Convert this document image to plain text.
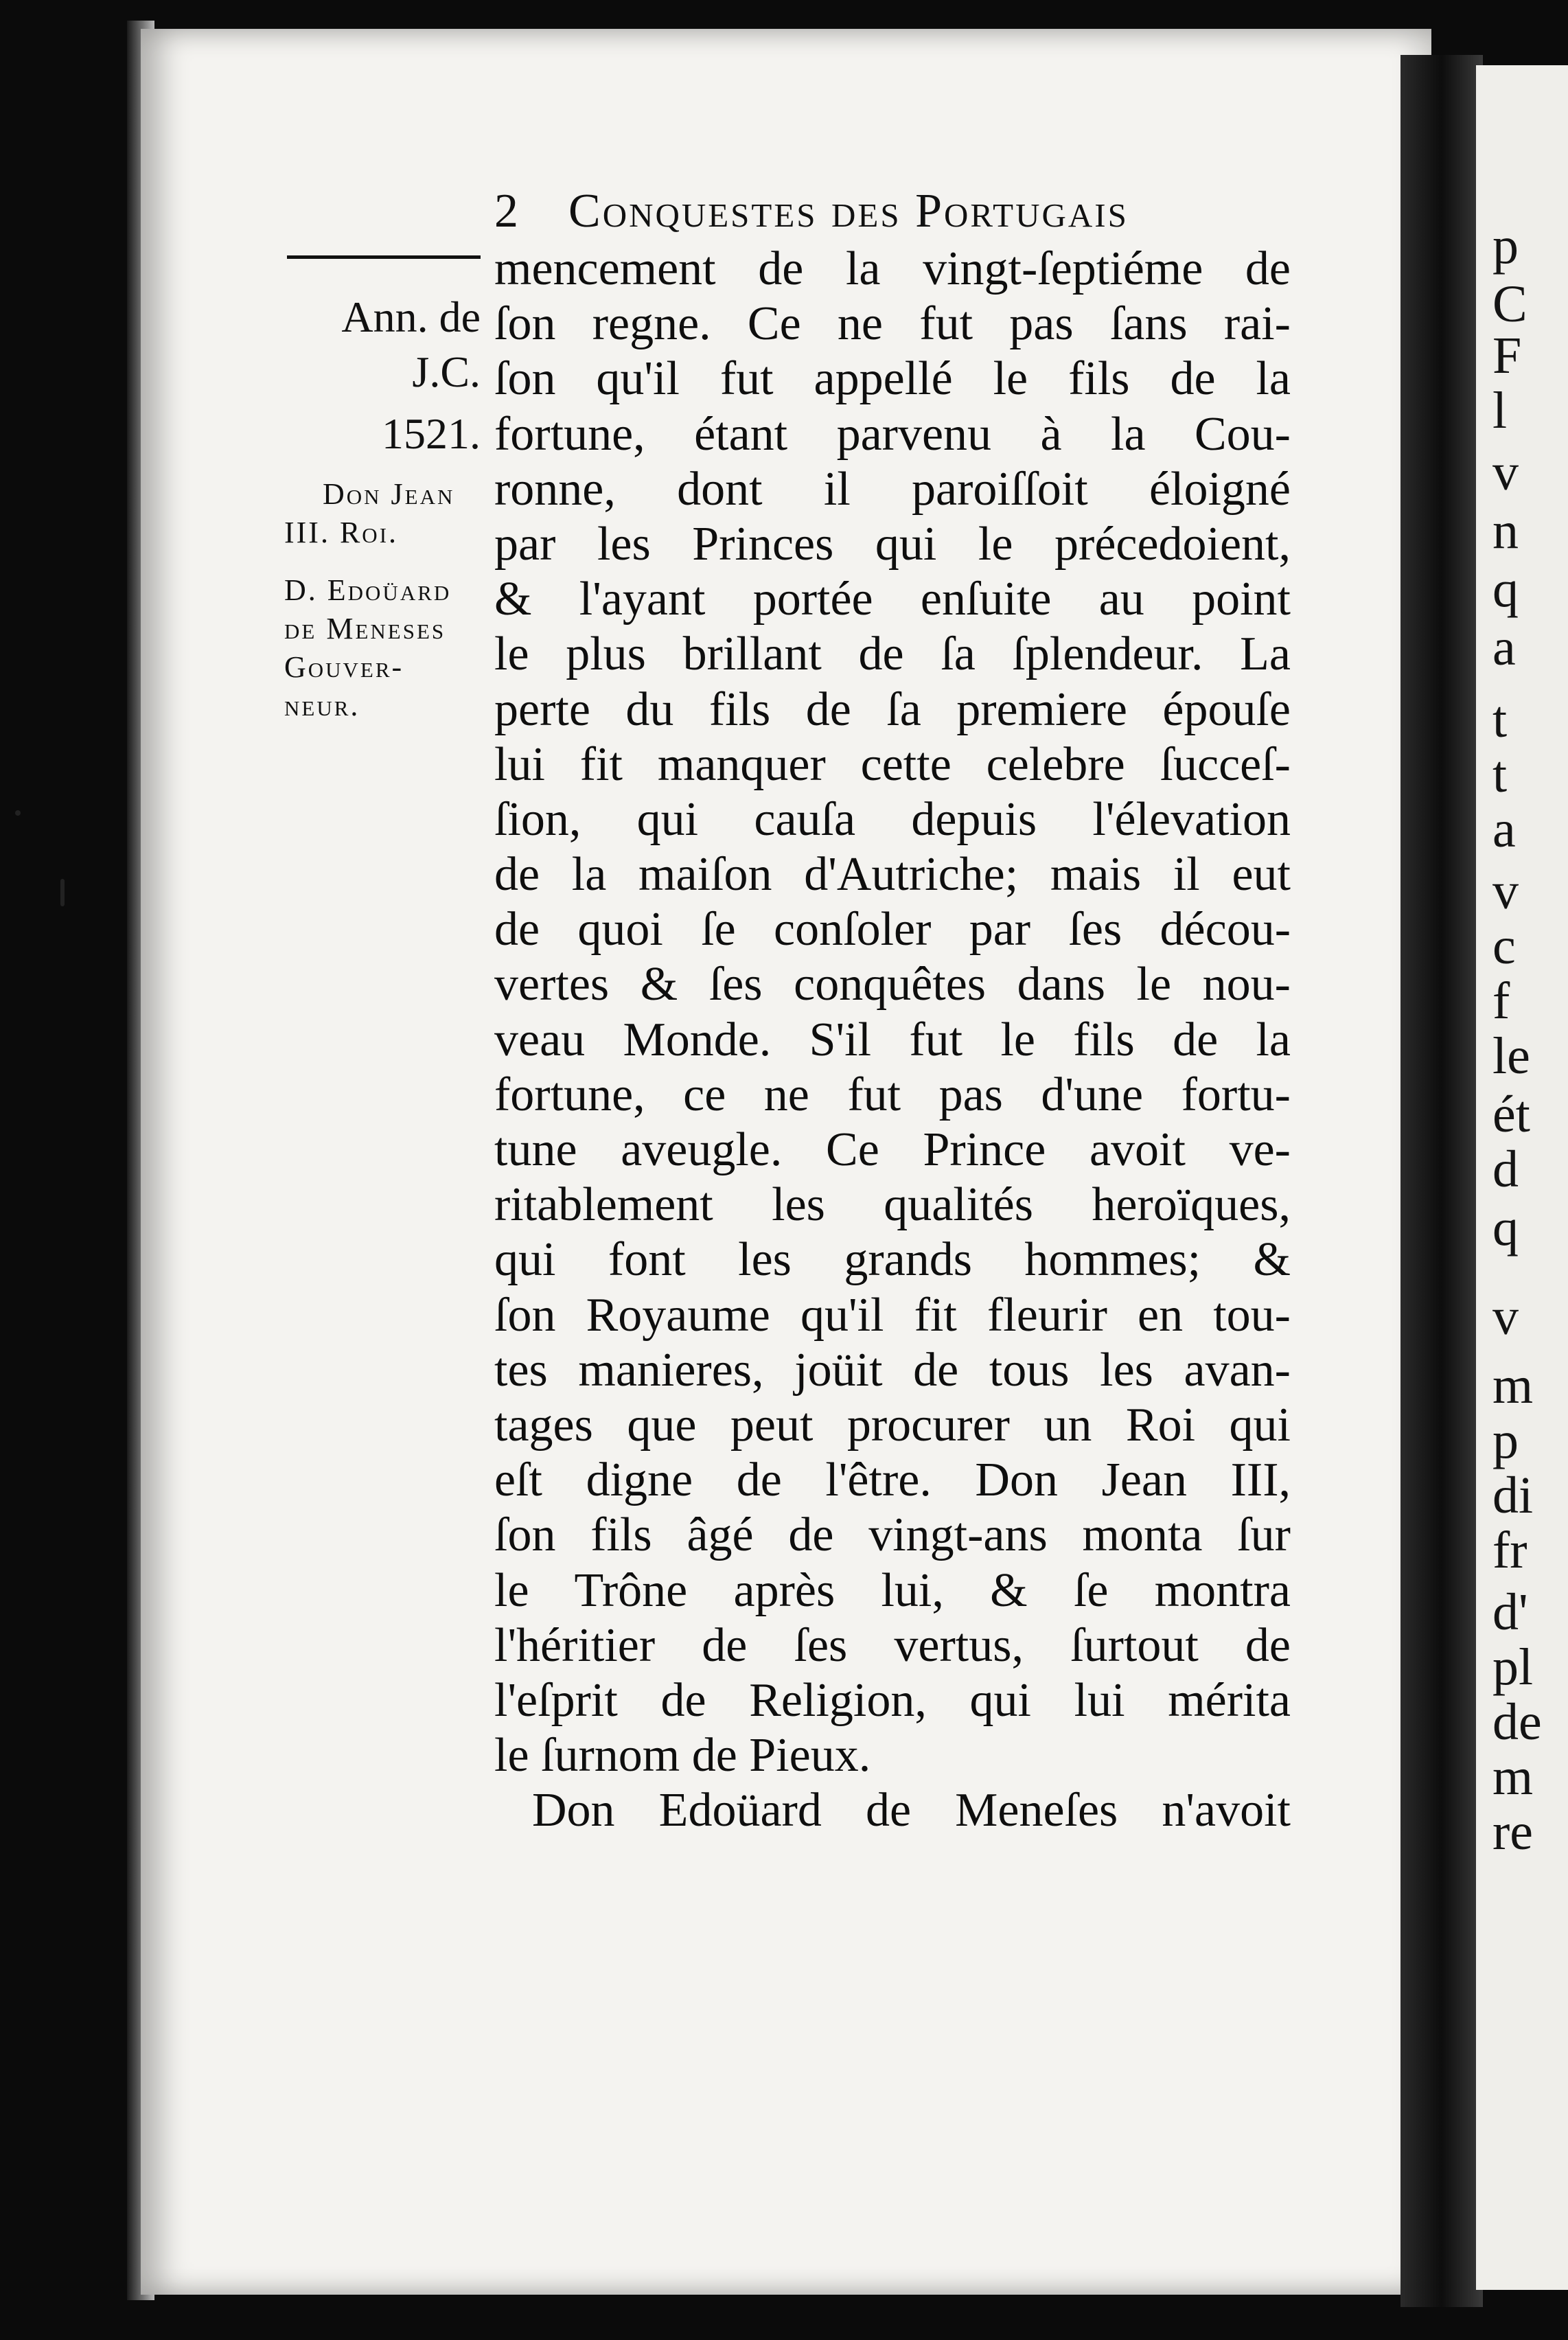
p
C
F
l
v
n
q
a
t
t
a
v
c
f
le
ét
d
q
v
m
p
di
fr
d'
pl
de
m
re
2 Conquestes des Portugais
Ann. de
J.C.
1521.
Don Jean
III. Roi.
D. Edoüard
de Meneses
Gouver-
neur.
mencement de la vingt-ſeptiéme de
ſon regne. Ce ne fut pas ſans rai-
ſon qu'il fut appellé le fils de la
fortune, étant parvenu à la Cou-
ronne, dont il paroiſſoit éloigné
par les Princes qui le précedoient,
& l'ayant portée enſuite au point
le plus brillant de ſa ſplendeur. La
perte du fils de ſa premiere épouſe
lui fit manquer cette celebre ſucceſ-
ſion, qui cauſa depuis l'élevation
de la maiſon d'Autriche; mais il eut
de quoi ſe conſoler par ſes décou-
vertes & ſes conquêtes dans le nou-
veau Monde. S'il fut le fils de la
fortune, ce ne fut pas d'une fortu-
tune aveugle. Ce Prince avoit ve-
ritablement les qualités heroïques,
qui font les grands hommes; &
ſon Royaume qu'il fit fleurir en tou-
tes manieres, joüit de tous les avan-
tages que peut procurer un Roi qui
eſt digne de l'être. Don Jean III,
ſon fils âgé de vingt-ans monta ſur
le Trône après lui, & ſe montra
l'héritier de ſes vertus, ſurtout de
l'eſprit de Religion, qui lui mérita
le ſurnom de Pieux.
Don Edoüard de Meneſes n'avoit
